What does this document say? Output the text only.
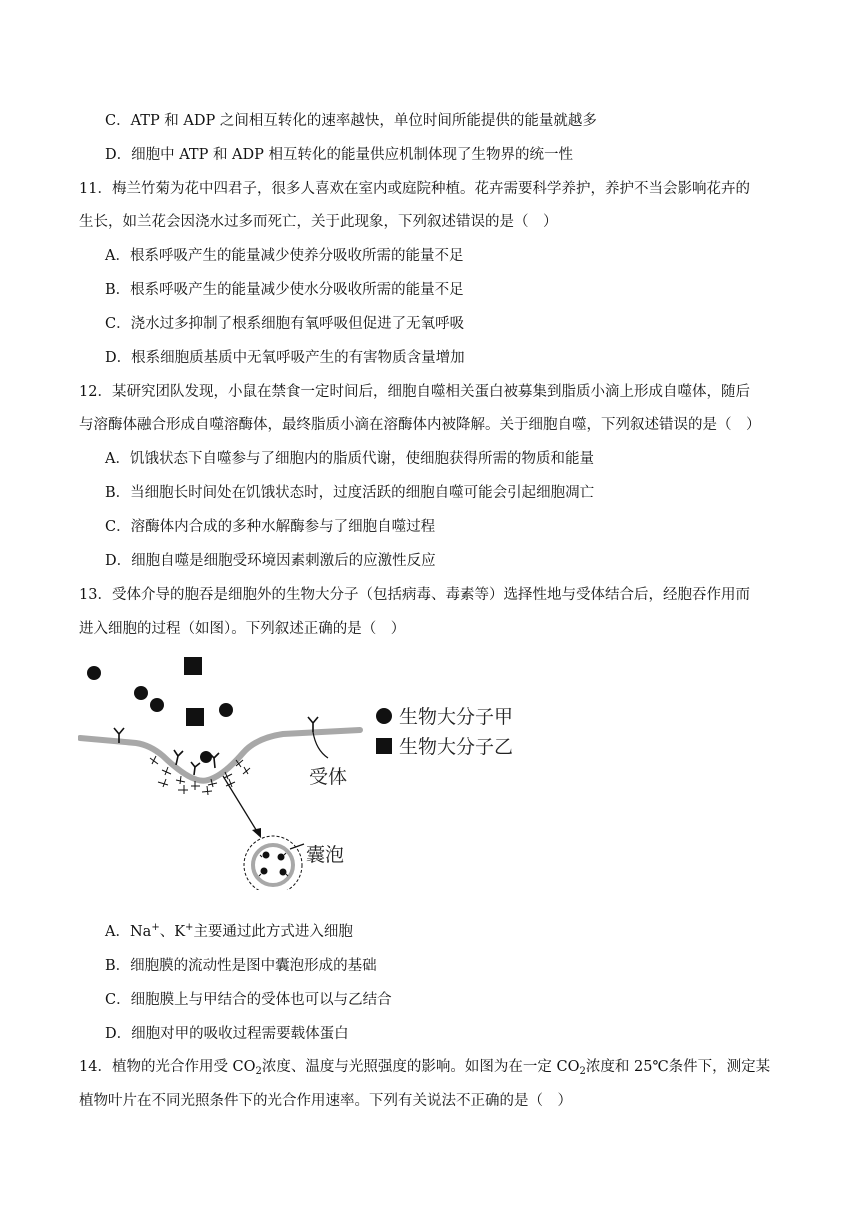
C．ATP 和 ADP 之间相互转化的速率越快，单位时间所能提供的能量就越多
D．细胞中 ATP 和 ADP 相互转化的能量供应机制体现了生物界的统一性
11．梅兰竹菊为花中四君子，很多人喜欢在室内或庭院种植。花卉需要科学养护，养护不当会影响花卉的
生长，如兰花会因浇水过多而死亡，关于此现象，下列叙述错误的是（　）
A．根系呼吸产生的能量减少使养分吸收所需的能量不足
B．根系呼吸产生的能量减少使水分吸收所需的能量不足
C．浇水过多抑制了根系细胞有氧呼吸但促进了无氧呼吸
D．根系细胞质基质中无氧呼吸产生的有害物质含量增加
12．某研究团队发现，小鼠在禁食一定时间后，细胞自噬相关蛋白被募集到脂质小滴上形成自噬体，随后
与溶酶体融合形成自噬溶酶体，最终脂质小滴在溶酶体内被降解。关于细胞自噬，下列叙述错误的是（　）
A．饥饿状态下自噬参与了细胞内的脂质代谢，使细胞获得所需的物质和能量
B．当细胞长时间处在饥饿状态时，过度活跃的细胞自噬可能会引起细胞凋亡
C．溶酶体内合成的多种水解酶参与了细胞自噬过程
D．细胞自噬是细胞受环境因素刺激后的应激性反应
13．受体介导的胞吞是细胞外的生物大分子（包括病毒、毒素等）选择性地与受体结合后，经胞吞作用而
进入细胞的过程（如图）。下列叙述正确的是（　）
生物大分子甲
生物大分子乙
受体
囊泡
A．Na+、K+主要通过此方式进入细胞
B．细胞膜的流动性是图中囊泡形成的基础
C．细胞膜上与甲结合的受体也可以与乙结合
D．细胞对甲的吸收过程需要载体蛋白
14．植物的光合作用受 $CO_2$浓度、温度与光照强度的影响。如图为在一定 $CO_2$浓度和 25℃条件下，测定某
植物叶片在不同光照条件下的光合作用速率。下列有关说法不正确的是（　）
